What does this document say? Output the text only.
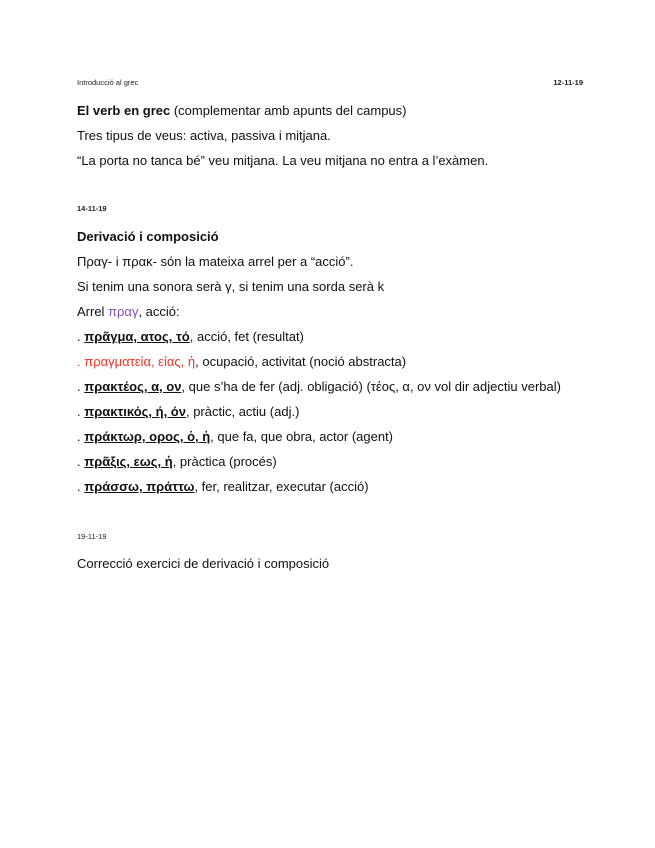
Introducció al grec	12-11-19
El verb en grec (complementar amb apunts del campus)
Tres tipus de veus: activa, passiva i mitjana.
“La porta no tanca bé” veu mitjana. La veu mitjana no entra a l’exàmen.
14-11-19
Derivació i composició
Πραγ- i πρακ- són la mateixa arrel per a “acció”.
Si tenim una sonora serà γ, si tenim una sorda serà k
Arrel πραγ, acció:
. πρᾶγμα, ατος, τό, acció, fet (resultat)
. πραγματεία, είας, ἡ, ocupació, activitat (noció abstracta)
. πρακτέος, α, ον, que s’ha de fer (adj. obligació) (τέος, α, ον vol dir adjectiu verbal)
. πρακτικός, ή, όν, pràctic, actiu (adj.)
. πράκτωρ, ορος, ὁ, ἡ, que fa, que obra, actor (agent)
. πρᾶξις, εως, ἡ, pràctica (procés)
. πράσσω, πράττω, fer, realitzar, executar (acció)
19-11-19
Correcció exercici de derivació i composició
